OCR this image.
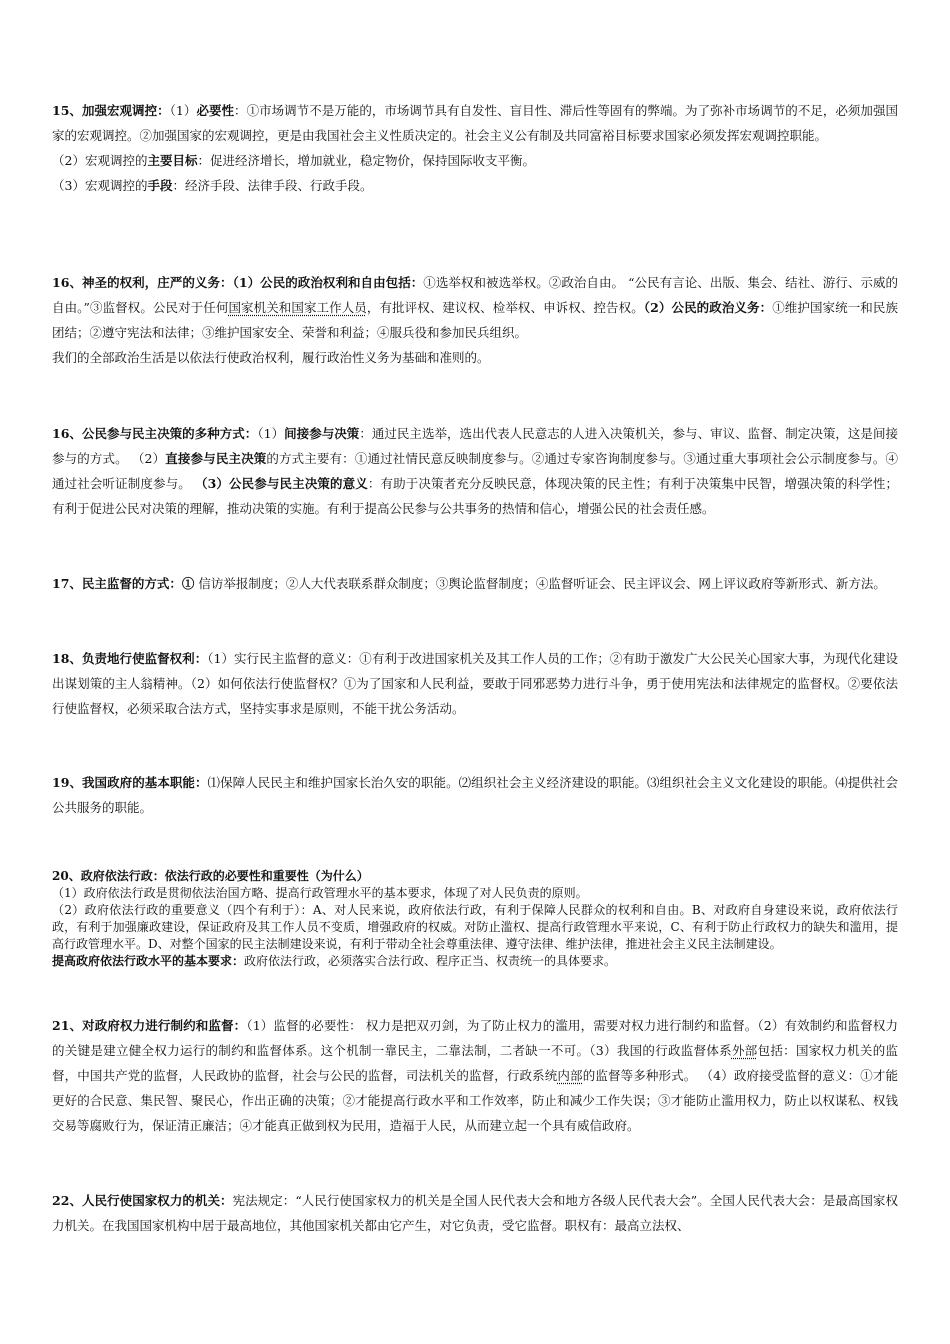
15、加强宏观调控：（1）必要性：①市场调节不是万能的，市场调节具有自发性、盲目性、滞后性等固有的弊端。为了弥补市场调节的不足，必须加强国家的宏观调控。②加强国家的宏观调控，更是由我国社会主义性质决定的。社会主义公有制及共同富裕目标要求国家必须发挥宏观调控职能。
（2）宏观调控的主要目标：促进经济增长，增加就业，稳定物价，保持国际收支平衡。
（3）宏观调控的手段：经济手段、法律手段、行政手段。
16、神圣的权利，庄严的义务：（1）公民的政治权利和自由包括：①选举权和被选举权。②政治自由。 “公民有言论、出版、集会、结社、游行、示威的自由。”③监督权。公民对于任何国家机关和国家工作人员，有批评权、建议权、检举权、申诉权、控告权。（2）公民的政治义务：①维护国家统一和民族团结；②遵守宪法和法律；③维护国家安全、荣誉和利益；④服兵役和参加民兵组织。
我们的全部政治生活是以依法行使政治权利，履行政治性义务为基础和准则的。
16、公民参与民主决策的多种方式：（1）间接参与决策：通过民主选举，选出代表人民意志的人进入决策机关，参与、审议、监督、制定决策，这是间接参与的方式。 （2）直接参与民主决策的方式主要有：①通过社情民意反映制度参与。②通过专家咨询制度参与。③通过重大事项社会公示制度参与。④通过社会听证制度参与。 （3）公民参与民主决策的意义：有助于决策者充分反映民意，体现决策的民主性；有利于决策集中民智，增强决策的科学性；有利于促进公民对决策的理解，推动决策的实施。有利于提高公民参与公共事务的热情和信心，增强公民的社会责任感。
17、民主监督的方式：① 信访举报制度；②人大代表联系群众制度；③舆论监督制度；④监督听证会、民主评议会、网上评议政府等新形式、新方法。
18、负责地行使监督权利：（1）实行民主监督的意义：①有利于改进国家机关及其工作人员的工作；②有助于激发广大公民关心国家大事，为现代化建设出谋划策的主人翁精神。（2）如何依法行使监督权？①为了国家和人民利益，要敢于同邪恶势力进行斗争，勇于使用宪法和法律规定的监督权。②要依法行使监督权，必须采取合法方式，坚持实事求是原则，不能干扰公务活动。
19、我国政府的基本职能：⑴保障人民民主和维护国家长治久安的职能。⑵组织社会主义经济建设的职能。⑶组织社会主义文化建设的职能。⑷提供社会公共服务的职能。
20、政府依法行政：依法行政的必要性和重要性（为什么）
（1）政府依法行政是贯彻依法治国方略、提高行政管理水平的基本要求，体现了对人民负责的原则。
（2）政府依法行政的重要意义（四个有利于）：A、对人民来说，政府依法行政，有利于保障人民群众的权利和自由。B、对政府自身建设来说，政府依法行政，有利于加强廉政建设，保证政府及其工作人员不变质，增强政府的权威。对防止滥权、提高行政管理水平来说，C、有利于防止行政权力的缺失和滥用，提高行政管理水平。D、对整个国家的民主法制建设来说，有利于带动全社会尊重法律、遵守法律、维护法律，推进社会主义民主法制建设。
提高政府依法行政水平的基本要求：政府依法行政，必须落实合法行政、程序正当、权责统一的具体要求。
21、对政府权力进行制约和监督：（1）监督的必要性： 权力是把双刃剑，为了防止权力的滥用，需要对权力进行制约和监督。（2）有效制约和监督权力的关键是建立健全权力运行的制约和监督体系。这个机制一靠民主，二靠法制，二者缺一不可。（3）我国的行政监督体系外部包括：国家权力机关的监督，中国共产党的监督，人民政协的监督，社会与公民的监督，司法机关的监督，行政系统内部的监督等多种形式。 （4）政府接受监督的意义：①才能更好的合民意、集民智、聚民心，作出正确的决策；②才能提高行政水平和工作效率，防止和减少工作失误；③才能防止滥用权力，防止以权谋私、权钱交易等腐败行为，保证清正廉洁；④才能真正做到权为民用，造福于人民，从而建立起一个具有威信政府。
22、人民行使国家权力的机关：宪法规定：“人民行使国家权力的机关是全国人民代表大会和地方各级人民代表大会”。全国人民代表大会：是最高国家权力机关。在我国国家机构中居于最高地位，其他国家机关都由它产生，对它负责，受它监督。职权有：最高立法权、
